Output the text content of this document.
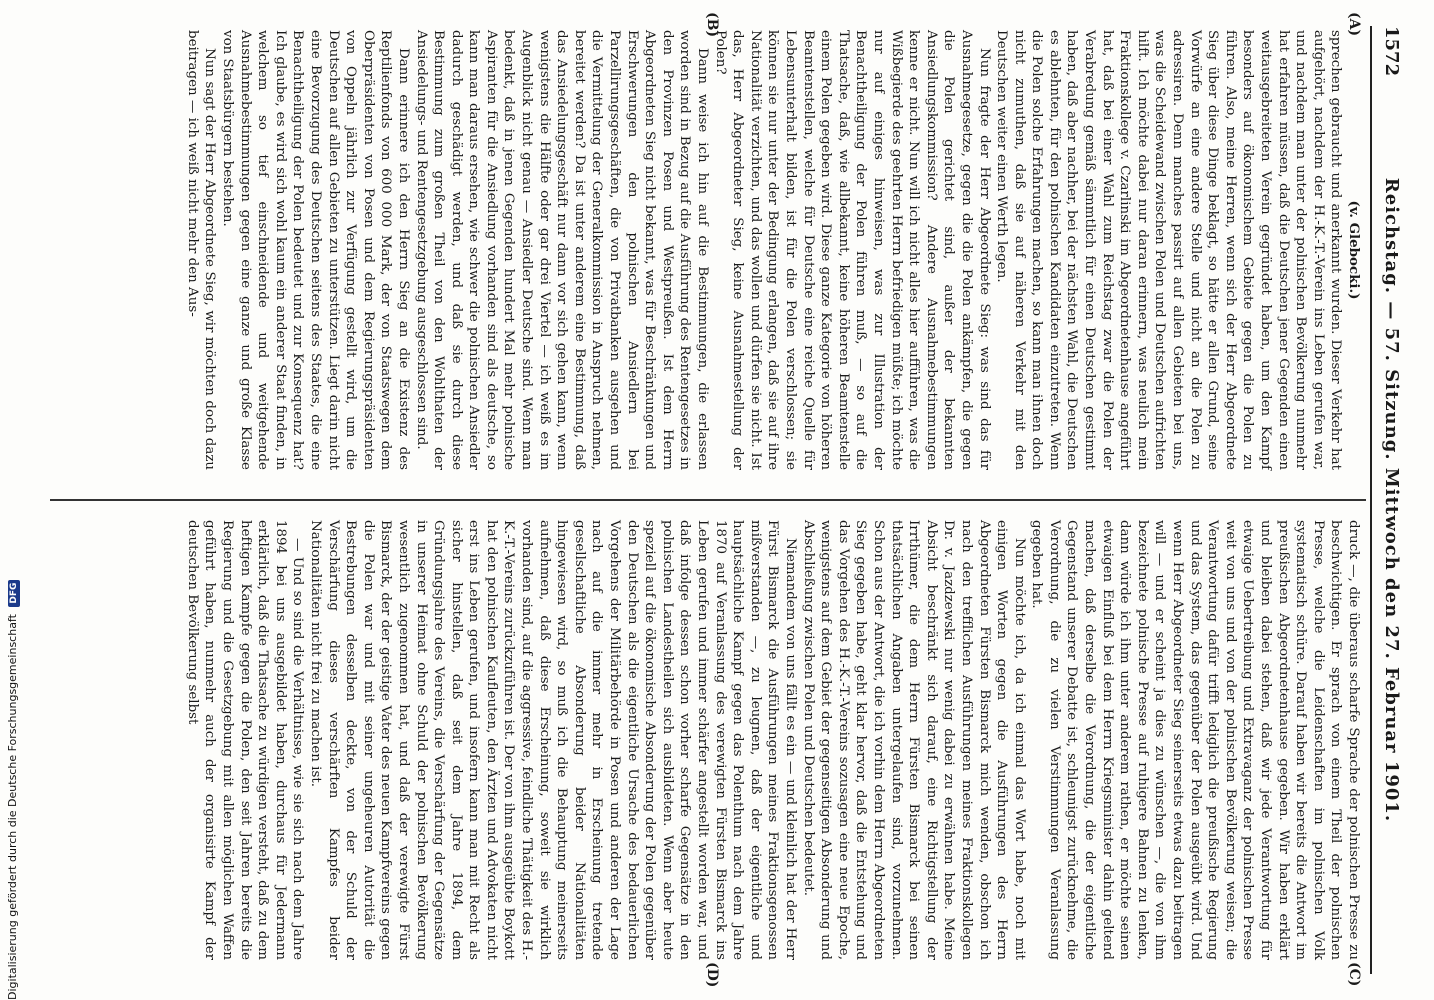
1572
Reichstag. — 57. Sitzung. Mittwoch den 27. Februar 1901.
(A)
(B)
(C)
(D)

(v. Glebocki.)

sprechen gebraucht und anerkannt wurden. Dieser Verkehr hat aufgehört, nachdem der H.-K.-T.-Verein ins Leben gerufen war, und nachdem man unter der polnischen Bevölkerung nunmehr hat erfahren müssen, daß die Deutschen jener Gegenden einen weitausgebreiteten Verein gegründet haben, um den Kampf besonders auf ökonomischem Gebiete gegen die Polen zu führen. Also, meine Herren, wenn sich der Herr Abgeordnete Sieg über diese Dinge beklagt, so hätte er allen Grund, seine Vorwürfe an eine andere Stelle und nicht an die Polen zu adressiren. Denn manches passirt auf allen Gebieten bei uns, was die Scheidewand zwischen Polen und Deutschen aufrichten hilft. Ich möchte dabei nur daran erinnern, was neulich mein Fraktionskollege v. Czarlinski im Abgeordnetenhause angeführt hat, daß bei einer Wahl zum Reichstag zwar die Polen der Verabredung gemäß sämmtlich für einen Deutschen gestimmt haben, daß aber nachher, bei der nächsten Wahl, die Deutschen es ablehnten, für den polnischen Kandidaten einzutreten. Wenn die Polen solche Erfahrungen machen, so kann man ihnen doch nicht zumuthen, daß sie auf näheren Verkehr mit den Deutschen weiter einen Werth legen.

Nun fragte der Herr Abgeordnete Sieg: was sind das für Ausnahmegesetze, gegen die die Polen ankämpfen, die gegen die Polen gerichtet sind, außer der bekannten Ansiedlungskommission? Andere Ausnahmebestimmungen kenne er nicht. Nun will ich nicht alles hier aufführen, was die Wißbegierde des geehrten Herrn befriedigen müßte; ich möchte nur auf einiges hinweisen, was zur Illustration der Benachtheiligung der Polen führen muß, — so auf die Thatsache, daß, wie allbekannt, keine höheren Beamtenstelle einem Polen gegeben wird. Diese ganze Kategorie von höheren Beamtenstellen, welche für Deutsche eine reiche Quelle für Lebensunterhalt bilden, ist für die Polen verschlossen; sie können sie nur unter der Bedingung erlangen, daß sie auf ihre Nationalität verzichten, und das wollen und dürfen sie nicht. Ist das, Herr Abgeordneter Sieg, keine Ausnahmestellung der Polen?

Dann weise ich hin auf die Bestimmungen, die erlassen worden sind in Bezug auf die Ausführung des Rentengesetzes in den Provinzen Posen und Westpreußen. Ist dem Herrn Abgeordneten Sieg nicht bekannt, was für Beschränkungen und Erschwerungen den polnischen Ansiedlern bei Parzellirungsgeschäften, die von Privatbanken ausgehen und die Vermittelung der Generalkommission in Anspruch nehmen, bereitet werden? Da ist unter anderem eine Bestimmung, daß das Ansiedelungsgeschäft nur dann vor sich gehen kann, wenn wenigstens die Hälfte oder gar drei Viertel — ich weiß es im Augenblick nicht genau — Ansiedler Deutsche sind. Wenn man bedenkt, daß in jenen Gegenden hundert Mal mehr polnische Aspiranten für die Ansiedlung vorhanden sind als deutsche, so kann man daraus ersehen, wie schwer die polnischen Ansiedler dadurch geschädigt werden, und daß sie durch diese Bestimmung zum großen Theil von den Wohlthaten der Ansiedelungs- und Rentengesetzgebung ausgeschlossen sind.

Dann erinnere ich den Herrn Sieg an die Existenz des Reptilienfonds von 600 000 Mark, der von Staatswegen dem Oberpräsidenten von Posen und dem Regierungspräsidenten von Oppeln jährlich zur Verfügung gestellt wird, um die Deutschen auf allen Gebieten zu unterstützen. Liegt darin nicht eine Bevorzugung des Deutschen seitens des Staates, die eine Benachtheiligung der Polen bedeutet und zur Konsequenz hat? Ich glaube, es wird sich wohl kaum ein anderer Staat finden, in welchem so tief einschneidende und weitgehende Ausnahmebestimmungen gegen eine ganze und große Klasse von Staatsbürgern bestehen.

Nun sagt der Herr Abgeordnete Sieg, wir möchten doch dazu beitragen — ich weiß nicht mehr den Aus-

druck —, die überaus scharfe Sprache der polnischen Presse zu beschwichtigen. Er sprach von einem Theil der polnischen Presse, welche die Leidenschaften im polnischen Volk systematisch schüre. Darauf haben wir bereits die Antwort im preußischen Abgeordnetenhause gegeben. Wir haben erklärt und bleiben dabei stehen, daß wir jede Verantwortung für etwaige Uebertreibung und Extravaganz der polnischen Presse weit von uns und von der polnischen Bevölkerung weisen; die Verantwortung dafür trifft lediglich die preußische Regierung und das System, das gegenüber der Polen ausgeübt wird. Und wenn Herr Abgeordneter Sieg seinerseits etwas dazu beitragen will — und er scheint ja dies zu wünschen —, die von ihm bezeichnete polnische Presse auf ruhigere Bahnen zu lenken, dann würde ich ihm unter anderem rathen, er möchte seinen etwaigen Einfluß bei dem Herrn Kriegsminister dahin geltend machen, daß derselbe die Verordnung, die der eigentliche Gegenstand unserer Debatte ist, schleunigst zurücknehme, die Verordnung, die zu vielen Verstimmungen Veranlassung gegeben hat.

Nun möchte ich, da ich einmal das Wort habe, noch mit einigen Worten gegen die Ausführungen des Herrn Abgeordneten Fürsten Bismarck mich wenden, obschon ich nach den trefflichen Ausführungen meines Fraktionskollegen Dr. v. Jazdzewski nur wenig dabei zu erwähnen habe. Meine Absicht beschränkt sich darauf, eine Richtigstellung der Irrthümer, die dem Herrn Fürsten Bismarck bei seinen thatsächlichen Angaben untergelaufen sind, vorzunehmen. Schon aus der Antwort, die ich vorhin dem Herrn Abgeordneten Sieg gegeben habe, geht klar hervor, daß die Entstehung und das Vorgehen des H.-K.-T.-Vereins sozusagen eine neue Epoche, wenigstens auf dem Gebiet der gegenseitigen Absonderung und Abschließung zwischen Polen und Deutschen bedeutet.

Niemandem von uns fällt es ein — und kleinlich hat der Herr Fürst Bismarck die Ausführungen meines Fraktionsgenossen mißverstanden —, zu leugnen, daß der eigentliche und hauptsächliche Kampf gegen das Polenthum nach dem Jahre 1870 auf Veranlassung des verewigten Fürsten Bismarck ins Leben gerufen und immer schärfer angestellt worden war, und daß infolge dessen schon vorher scharfe Gegensätze in den polnischen Landestheilen sich ausbildeten. Wenn aber heute speziell auf die ökonomische Absonderung der Polen gegenüber den Deutschen als die eigentliche Ursache des bedauerlichen Vorgehens der Militärbehörde in Posen und anderen der Lage nach auf die immer mehr in Erscheinung tretende gesellschaftliche Absonderung beider Nationalitäten hingewiesen wird, so muß ich die Behauptung meinerseits aufnehmen, daß diese Erscheinung, soweit sie wirklich vorhanden sind, auf die aggressive, feindliche Thätigkeit des H.-K.-T.-Vereins zurückzuführen ist. Der von ihm ausgeübte Boykott hat den polnischen Kaufleuten, den Ärzten und Advokaten nicht erst ins Leben gerufen, und insofern kann man mit Recht als sicher hinstellen, daß seit dem Jahre 1894, dem Gründungsjahre des Vereins, die Verschärfung der Gegensätze in unserer Heimat ohne Schuld der polnischen Bevölkerung wesentlich zugenommen hat, und daß der verewigte Fürst Bismarck, der der geistige Vater des neuen Kampfvereins gegen die Polen war und mit seiner ungeheuren Autorität die Bestrebungen desselben deckte, von der Schuld der Verschärfung dieses verschärften Kampfes beider Nationalitäten nicht frei zu machen ist.

— Und so sind die Verhältnisse, wie sie sich nach dem Jahre 1894 bei uns ausgebildet haben, durchaus für Jedermann erklärlich, daß die Thatsache zu würdigen versteht, daß zu dem heftigen Kampfe gegen die Polen, den seit Jahren bereits die Regierung und die Gesetzgebung mit allen möglichen Waffen geführt haben, nunmehr auch der organisirte Kampf der deutschen Bevölkerung selbst

Digitalisierung gefördert durch die Deutsche Forschungsgemeinschaft DFG
